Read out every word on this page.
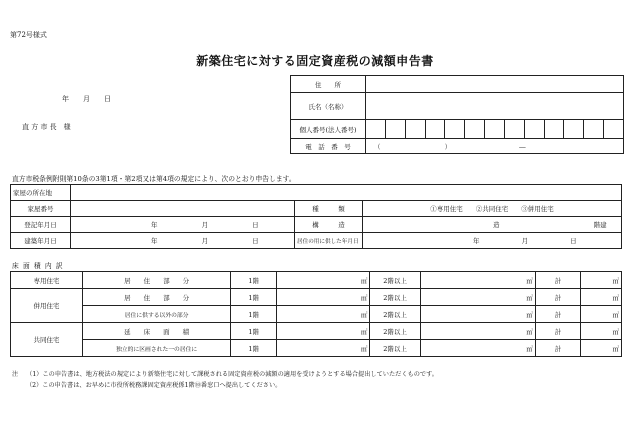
第72号様式
新築住宅に対する固定資産税の減額申告書
年　　月　　日
直 方 市 長　様
住　　所	
氏名（名称）	
個人番号(法人番号)	

電　話　番　号	（ ） ―
直方市税条例附則第10条の3第1項・第2項又は第4項の規定により、次のとおり申告します。
家屋の所在地			
家屋番号		種　　　類	①専用住宅　　②共同住宅　　③併用住宅
登記年月日	年 月 日	構　　　造	造 階建
建築年月日	年 月 日	居住の用に供した年月日	年 月 日
床 面 積 内 訳
専用住宅	居　　住　　部　　分	1階	㎡	2階以上	㎡	計	㎡
併用住宅	居　　住　　部　　分	1階	㎡	2階以上	㎡	計	㎡
	居住に供する以外の部分	1階	㎡	2階以上	㎡	計	㎡
共同住宅	延　　床　　面　　積	1階	㎡	2階以上	㎡	計	㎡
	独立的に区画された一の居住に	1階	㎡	2階以上	㎡	計	㎡
注 （1）この申告書は、地方税法の規定により新築住宅に対して課税される固定資産税の減額の適用を受けようとする場合提出していただくものです。
（2）この申告書は、お早めに市役所税務課固定資産税係1階⑩番窓口へ提出してください。
